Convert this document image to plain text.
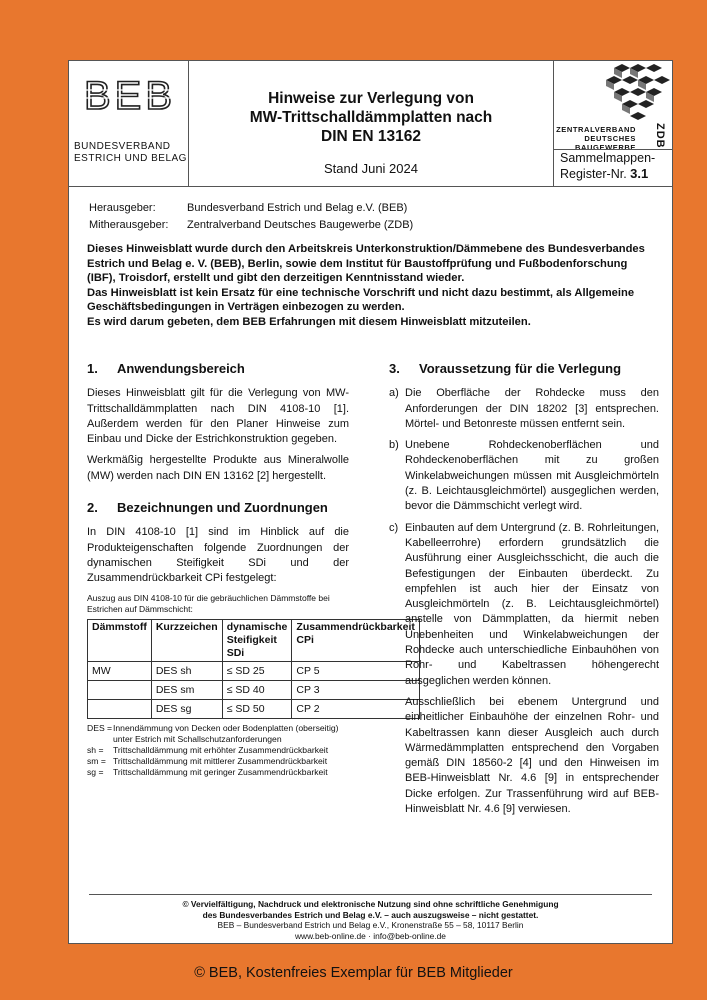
BEB
BUNDESVERBAND
ESTRICH UND BELAG
Hinweise zur Verlegung von
MW-Trittschalldämmplatten nach
DIN EN 13162
Stand Juni 2024
ZENTRALVERBAND
DEUTSCHES
BAUGEWERBE ZDB
Sammelmappen-
Register-Nr. 3.1
Herausgeber:	Bundesverband Estrich und Belag e.V. (BEB)
Mitherausgeber:	Zentralverband Deutsches Baugewerbe (ZDB)

Dieses Hinweisblatt wurde durch den Arbeitskreis Unterkonstruktion/Dämmebene des Bundesverbandes Estrich und Belag e. V. (BEB), Berlin, sowie dem Institut für Baustoffprüfung und Fußbodenforschung (IBF), Troisdorf, erstellt und gibt den derzeitigen Kenntnisstand wieder.

Das Hinweisblatt ist kein Ersatz für eine technische Vorschrift und nicht dazu bestimmt, als Allgemeine Geschäftsbedingungen in Verträgen einbezogen zu werden.

Es wird darum gebeten, dem BEB Erfahrungen mit diesem Hinweisblatt mitzuteilen.

1. Anwendungsbereich

Dieses Hinweisblatt gilt für die Verlegung von MW-Trittschalldämmplatten nach DIN 4108-10 [1]. Außerdem werden für den Planer Hinweise zum Einbau und Dicke der Estrichkonstruktion gegeben.

Werkmäßig hergestellte Produkte aus Mineralwolle (MW) werden nach DIN EN 13162 [2] hergestellt.

2. Bezeichnungen und Zuordnungen

In DIN 4108-10 [1] sind im Hinblick auf die Produkteigenschaften folgende Zuordnungen der dynamischen Steifigkeit SDi und der Zusammendrückbarkeit CPi festgelegt:

Auszug aus DIN 4108-10 für die gebräuchlichen Dämmstoffe bei Estrichen auf Dämmschicht:
Dämmstoff	Kurzzeichen	dynamische Steifigkeit SDi	Zusammendrückbarkeit CPi
MW	DES sh	≤ SD 25	CP 5
	DES sm	≤ SD 40	CP 3
	DES sg	≤ SD 50	CP 2
DES = Innendämmung von Decken oder Bodenplatten (oberseitig) unter Estrich mit Schallschutzanforderungen
sh =	Trittschalldämmung mit erhöhter Zusammendrückbarkeit
sm = Trittschalldämmung mit mittlerer Zusammendrückbarkeit
sg =	Trittschalldämmung mit geringer Zusammendrückbarkeit
3. Voraussetzung für die Verlegung
a) Die Oberfläche der Rohdecke muss den Anforderungen der DIN 18202 [3] entsprechen. Mörtel- und Betonreste müssen entfernt sein.
b) Unebene Rohdeckenoberflächen und Rohdeckenoberflächen mit zu großen Winkelabweichungen müssen mit Ausgleichmörteln (z. B. Leichtausgleichmörtel) ausgeglichen werden, bevor die Dämmschicht verlegt wird.
c) Einbauten auf dem Untergrund (z. B. Rohrleitungen, Kabelleerrohre) erfordern grundsätzlich die Ausführung einer Ausgleichsschicht, die auch die Befestigungen der Einbauten überdeckt. Zu empfehlen ist auch hier der Einsatz von Ausgleichmörteln (z. B. Leichtausgleichmörtel) anstelle von Dämmplatten, da hiermit neben Unebenheiten und Winkelabweichungen der Rohdecke auch unterschiedliche Einbauhöhen von Rohr- und Kabeltrassen höhengerecht ausgeglichen werden können.

Ausschließlich bei ebenem Untergrund und einheitlicher Einbauhöhe der einzelnen Rohr- und Kabeltrassen kann dieser Ausgleich auch durch Wärmedämmplatten entsprechend den Vorgaben gemäß DIN 18560-2 [4] und den Hinweisen im BEB-Hinweisblatt Nr. 4.6 [9] in entsprechender Dicke erfolgen. Zur Trassenführung wird auf BEB-Hinweisblatt Nr. 4.6 [9] verwiesen.

© Vervielfältigung, Nachdruck und elektronische Nutzung sind ohne schriftliche Genehmigung
des Bundesverbandes Estrich und Belag e.V. – auch auszugsweise – nicht gestattet.
BEB – Bundesverband Estrich und Belag e.V., Kronenstraße 55 – 58, 10117 Berlin
www.beb-online.de · info@beb-online.de
© BEB, Kostenfreies Exemplar für BEB Mitglieder
